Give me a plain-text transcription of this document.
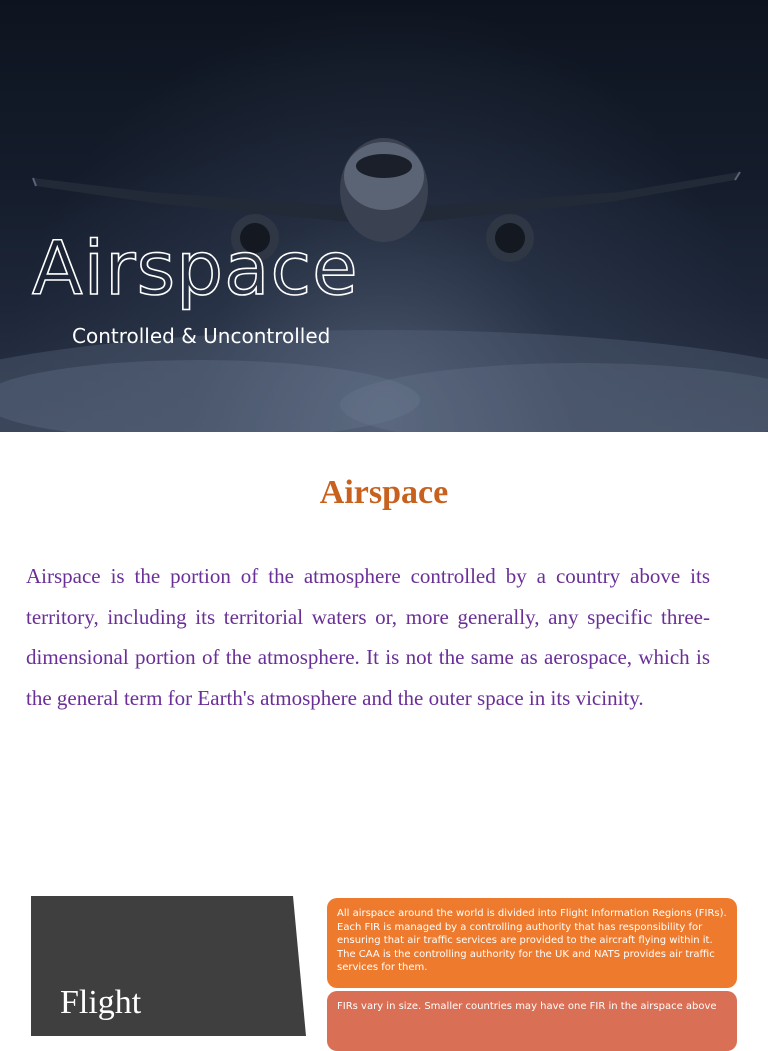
Airspace
Controlled & Uncontrolled
Airspace

Airspace is the portion of the atmosphere controlled by a country above its territory, including its territorial waters or, more generally, any specific three-dimensional portion of the atmosphere. It is not the same as aerospace, which is the general term for Earth's atmosphere and the outer space in its vicinity.

Flight
All airspace around the world is divided into Flight Information Regions (FIRs). Each FIR is managed by a controlling authority that has responsibility for ensuring that air traffic services are provided to the aircraft flying within it. The CAA is the controlling authority for the UK and NATS provides air traffic services for them.
FIRs vary in size. Smaller countries may have one FIR in the airspace above
